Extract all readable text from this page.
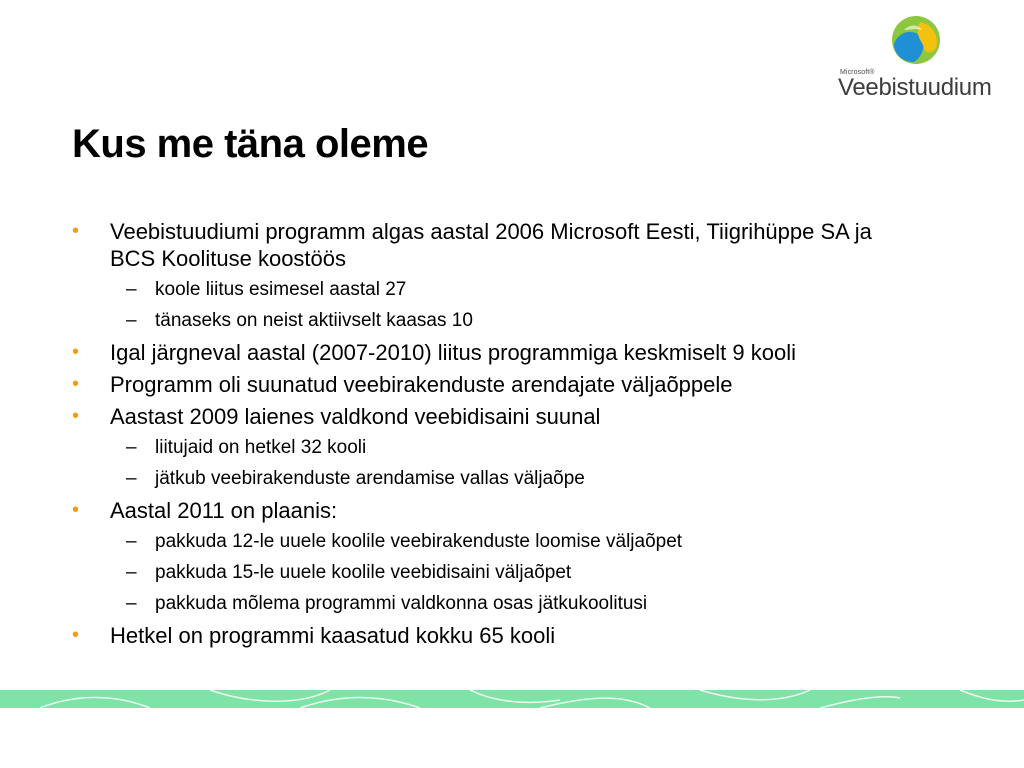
Microsoft®
Veebistuudium
Kus me täna oleme
• Veebistuudiumi programm algas aastal 2006 Microsoft Eesti, Tiigrihüppe SA ja BCS Koolituse koostöös
– koole liitus esimesel aastal 27
– tänaseks on neist aktiivselt kaasas 10
• Igal järgneval aastal (2007-2010) liitus programmiga keskmiselt 9 kooli
• Programm oli suunatud veebirakenduste arendajate väljaõppele
• Aastast 2009 laienes valdkond veebidisaini suunal
– liitujaid on hetkel 32 kooli
– jätkub veebirakenduste arendamise vallas väljaõpe
• Aastal 2011 on plaanis:
– pakkuda 12-le uuele koolile veebirakenduste loomise väljaõpet
– pakkuda 15-le uuele koolile veebidisaini väljaõpet
– pakkuda mõlema programmi valdkonna osas jätkukoolitusi
• Hetkel on programmi kaasatud kokku 65 kooli
